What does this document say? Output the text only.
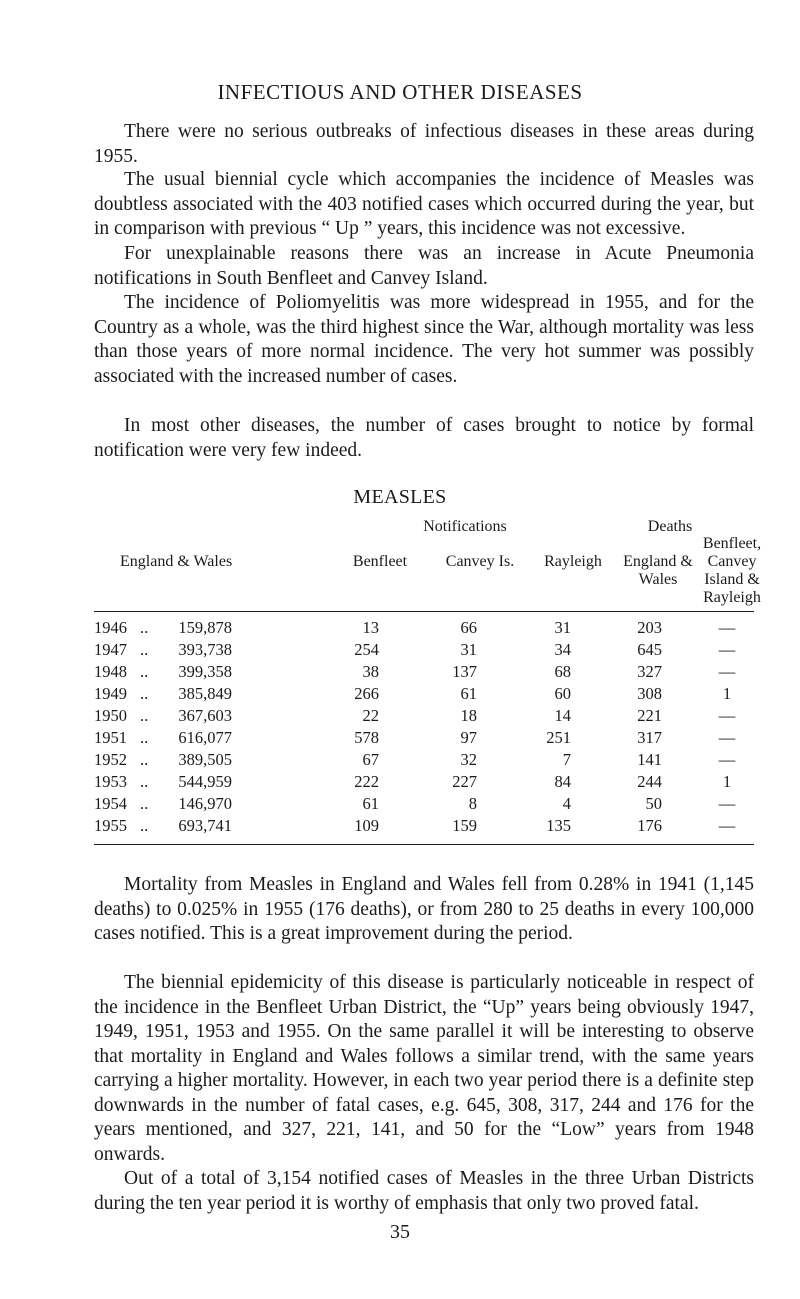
INFECTIOUS AND OTHER DISEASES

There were no serious outbreaks of infectious diseases in these areas during 1955.

The usual biennial cycle which accompanies the incidence of Measles was doubtless associated with the 403 notified cases which occurred during the year, but in comparison with previous “ Up ” years, this incidence was not excessive.

For unexplainable reasons there was an increase in Acute Pneumonia notifications in South Benfleet and Canvey Island.

The incidence of Poliomyelitis was more widespread in 1955, and for the Country as a whole, was the third highest since the War, although mortality was less than those years of more normal incidence. The very hot summer was possibly associated with the increased number of cases.

In most other diseases, the number of cases brought to notice by formal notification were very few indeed.

MEASLES
Notifications	Deaths
England & Wales	Benfleet	Canvey Is.	Rayleigh	England &
Wales
Benfleet,
Canvey
Island &
Rayleigh
1946 ..	159,878	13	66	31	203	—
1947 ..	393,738	254	31	34	645	—
1948 ..	399,358	38	137	68	327	—
1949 ..	385,849	266	61	60	308	1
1950 ..	367,603	22	18	14	221	—
1951 ..	616,077	578	97	251	317	—
1952 ..	389,505	67	32	7	141	—
1953 ..	544,959	222	227	84	244	1
1954 ..	146,970	61	8	4	50	—
1955 ..	693,741	109	159	135	176	—

Mortality from Measles in England and Wales fell from 0.28% in 1941 (1,145 deaths) to 0.025% in 1955 (176 deaths), or from 280 to 25 deaths in every 100,000 cases notified. This is a great improvement during the period.

The biennial epidemicity of this disease is particularly noticeable in respect of the incidence in the Benfleet Urban District, the “Up” years being obviously 1947, 1949, 1951, 1953 and 1955. On the same parallel it will be interesting to observe that mortality in England and Wales follows a similar trend, with the same years carrying a higher mortality. However, in each two year period there is a definite step downwards in the number of fatal cases, e.g. 645, 308, 317, 244 and 176 for the years mentioned, and 327, 221, 141, and 50 for the “Low” years from 1948 onwards.

Out of a total of 3,154 notified cases of Measles in the three Urban Districts during the ten year period it is worthy of emphasis that only two proved fatal.

35
